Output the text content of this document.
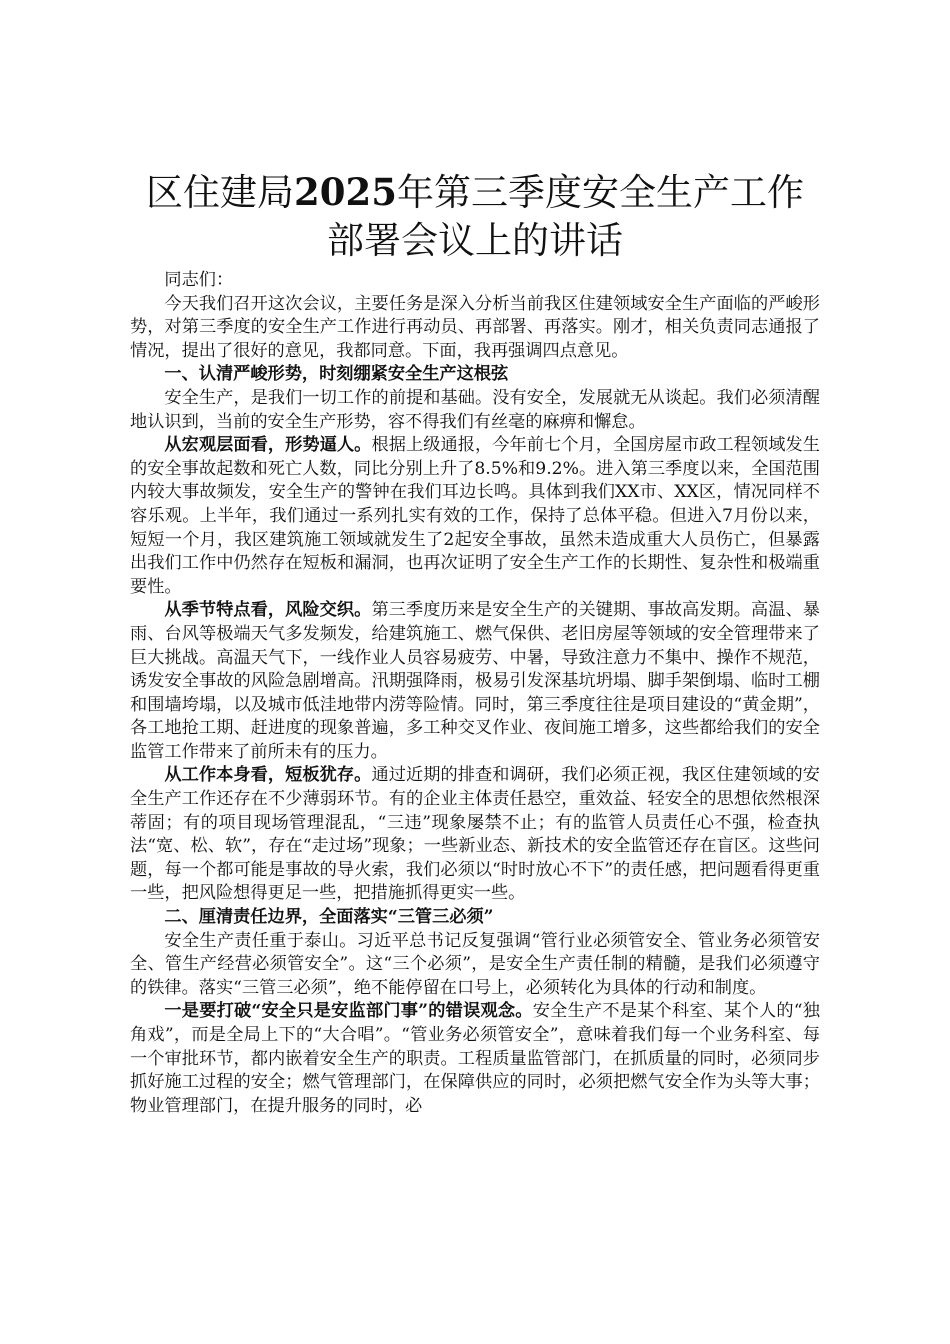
区住建局2025年第三季度安全生产工作部署会议上的讲话

同志们：

今天我们召开这次会议，主要任务是深入分析当前我区住建领域安全生产面临的严峻形势，对第三季度的安全生产工作进行再动员、再部署、再落实。刚才，相关负责同志通报了情况，提出了很好的意见，我都同意。下面，我再强调四点意见。

一、认清严峻形势，时刻绷紧安全生产这根弦

安全生产，是我们一切工作的前提和基础。没有安全，发展就无从谈起。我们必须清醒地认识到，当前的安全生产形势，容不得我们有丝毫的麻痹和懈怠。

从宏观层面看，形势逼人。根据上级通报，今年前七个月，全国房屋市政工程领域发生的安全事故起数和死亡人数，同比分别上升了8.5%和9.2%。进入第三季度以来，全国范围内较大事故频发，安全生产的警钟在我们耳边长鸣。具体到我们XX市、XX区，情况同样不容乐观。上半年，我们通过一系列扎实有效的工作，保持了总体平稳。但进入7月份以来，短短一个月，我区建筑施工领域就发生了2起安全事故，虽然未造成重大人员伤亡，但暴露出我们工作中仍然存在短板和漏洞，也再次证明了安全生产工作的长期性、复杂性和极端重要性。

从季节特点看，风险交织。第三季度历来是安全生产的关键期、事故高发期。高温、暴雨、台风等极端天气多发频发，给建筑施工、燃气保供、老旧房屋等领域的安全管理带来了巨大挑战。高温天气下，一线作业人员容易疲劳、中暑，导致注意力不集中、操作不规范，诱发安全事故的风险急剧增高。汛期强降雨，极易引发深基坑坍塌、脚手架倒塌、临时工棚和围墙垮塌，以及城市低洼地带内涝等险情。同时，第三季度往往是项目建设的“黄金期”，各工地抢工期、赶进度的现象普遍，多工种交叉作业、夜间施工增多，这些都给我们的安全监管工作带来了前所未有的压力。

从工作本身看，短板犹存。通过近期的排查和调研，我们必须正视，我区住建领域的安全生产工作还存在不少薄弱环节。有的企业主体责任悬空，重效益、轻安全的思想依然根深蒂固；有的项目现场管理混乱，“三违”现象屡禁不止；有的监管人员责任心不强，检查执法“宽、松、软”，存在“走过场”现象；一些新业态、新技术的安全监管还存在盲区。这些问题，每一个都可能是事故的导火索，我们必须以“时时放心不下”的责任感，把问题看得更重一些，把风险想得更足一些，把措施抓得更实一些。

二、厘清责任边界，全面落实“三管三必须”

安全生产责任重于泰山。习近平总书记反复强调“管行业必须管安全、管业务必须管安全、管生产经营必须管安全”。这“三个必须”，是安全生产责任制的精髓，是我们必须遵守的铁律。落实“三管三必须”，绝不能停留在口号上，必须转化为具体的行动和制度。

一是要打破“安全只是安监部门事”的错误观念。安全生产不是某个科室、某个人的“独角戏”，而是全局上下的“大合唱”。“管业务必须管安全”，意味着我们每一个业务科室、每一个审批环节，都内嵌着安全生产的职责。工程质量监管部门，在抓质量的同时，必须同步抓好施工过程的安全；燃气管理部门，在保障供应的同时，必须把燃气安全作为头等大事；物业管理部门，在提升服务的同时，必
